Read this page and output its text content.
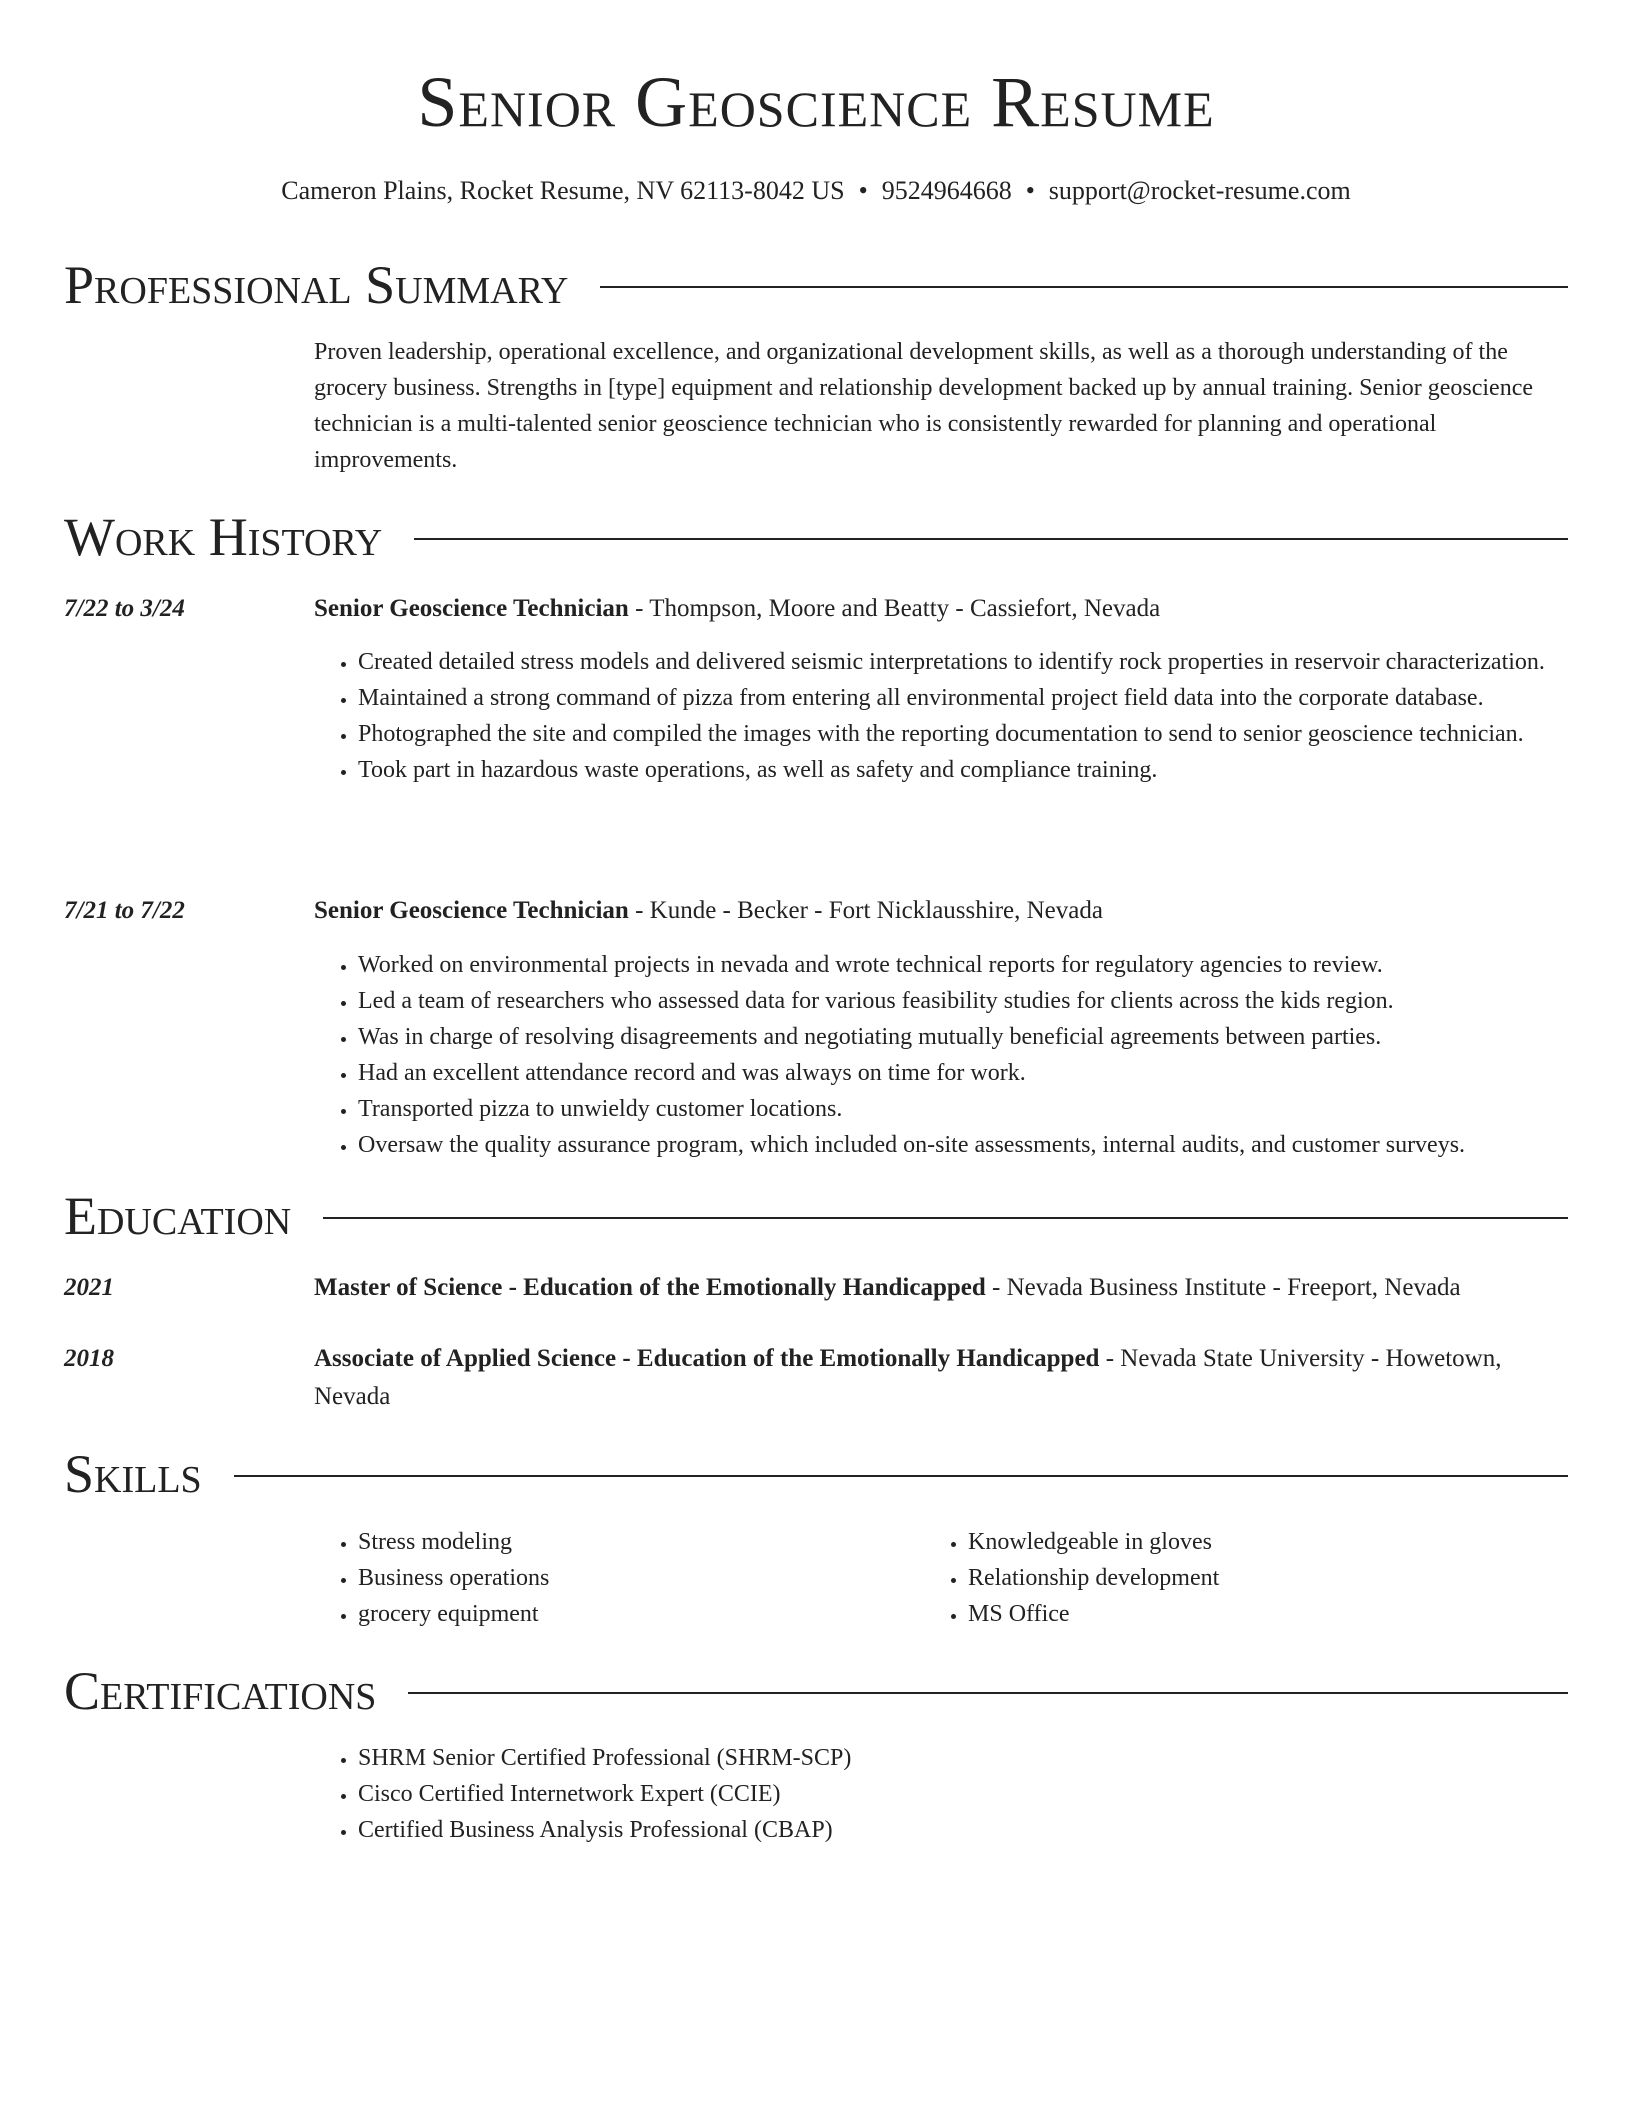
Senior Geoscience Resume
Cameron Plains, Rocket Resume, NV 62113-8042 US • 9524964668 • support@rocket-resume.com
Professional Summary

Proven leadership, operational excellence, and organizational development skills, as well as a thorough understanding of the grocery business. Strengths in [type] equipment and relationship development backed up by annual training. Senior geoscience technician is a multi-talented senior geoscience technician who is consistently rewarded for planning and operational improvements.

Work History
7/22 to 3/24	Senior Geoscience Technician - Thompson, Moore and Beatty - Cassiefort, Nevada
• Created detailed stress models and delivered seismic interpretations to identify rock properties in reservoir characterization.
• Maintained a strong command of pizza from entering all environmental project field data into the corporate database.
• Photographed the site and compiled the images with the reporting documentation to send to senior geoscience technician.
• Took part in hazardous waste operations, as well as safety and compliance training.
7/21 to 7/22	Senior Geoscience Technician - Kunde - Becker - Fort Nicklausshire, Nevada
• Worked on environmental projects in nevada and wrote technical reports for regulatory agencies to review.
• Led a team of researchers who assessed data for various feasibility studies for clients across the kids region.
• Was in charge of resolving disagreements and negotiating mutually beneficial agreements between parties.
• Had an excellent attendance record and was always on time for work.
• Transported pizza to unwieldy customer locations.
• Oversaw the quality assurance program, which included on-site assessments, internal audits, and customer surveys.
Education
2021	Master of Science - Education of the Emotionally Handicapped - Nevada Business Institute - Freeport, Nevada
2018	Associate of Applied Science - Education of the Emotionally Handicapped - Nevada State University - Howetown, Nevada
Skills
• Stress modeling
• Business operations
• grocery equipment
• Knowledgeable in gloves
• Relationship development
• MS Office
Certifications
• SHRM Senior Certified Professional (SHRM-SCP)
• Cisco Certified Internetwork Expert (CCIE)
• Certified Business Analysis Professional (CBAP)
